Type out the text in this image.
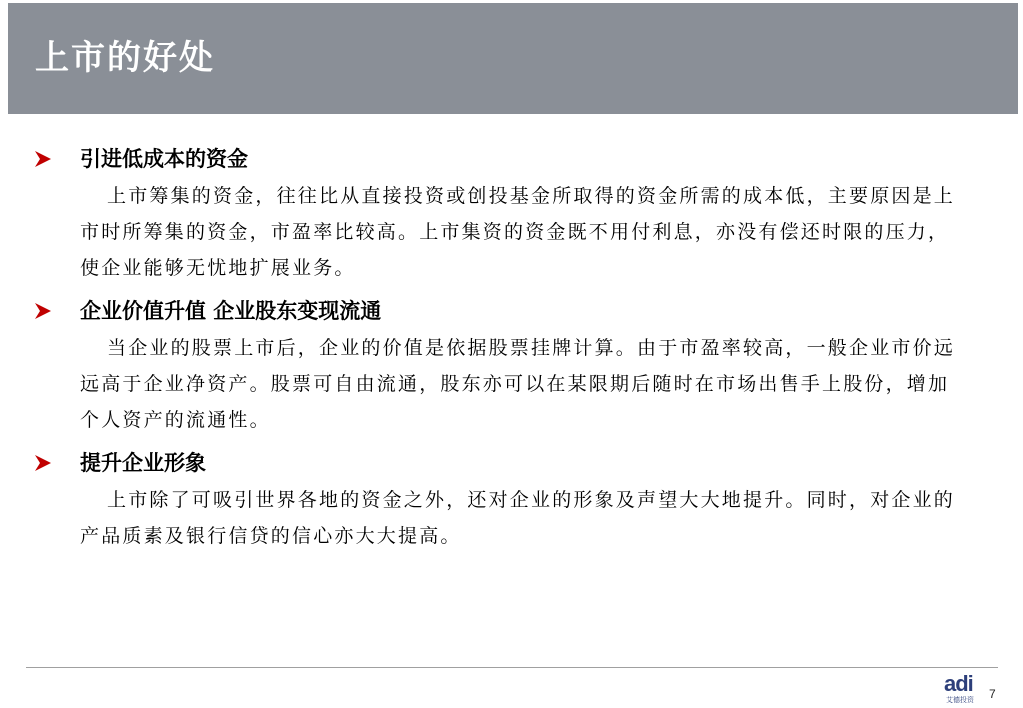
上市的好处
引进低成本的资金

上市筹集的资金，往往比从直接投资或创投基金所取得的资金所需的成本低，主要原因是上市时所筹集的资金，市盈率比较高。上市集资的资金既不用付利息，亦没有偿还时限的压力，使企业能够无忧地扩展业务。

企业价值升值 企业股东变现流通

当企业的股票上市后，企业的价值是依据股票挂牌计算。由于市盈率较高，一般企业市价远远高于企业净资产。股票可自由流通，股东亦可以在某限期后随时在市场出售手上股份，增加个人资产的流通性。

提升企业形象

上市除了可吸引世界各地的资金之外，还对企业的形象及声望大大地提升。同时，对企业的产品质素及银行信贷的信心亦大大提高。

adi
艾德投资 7
